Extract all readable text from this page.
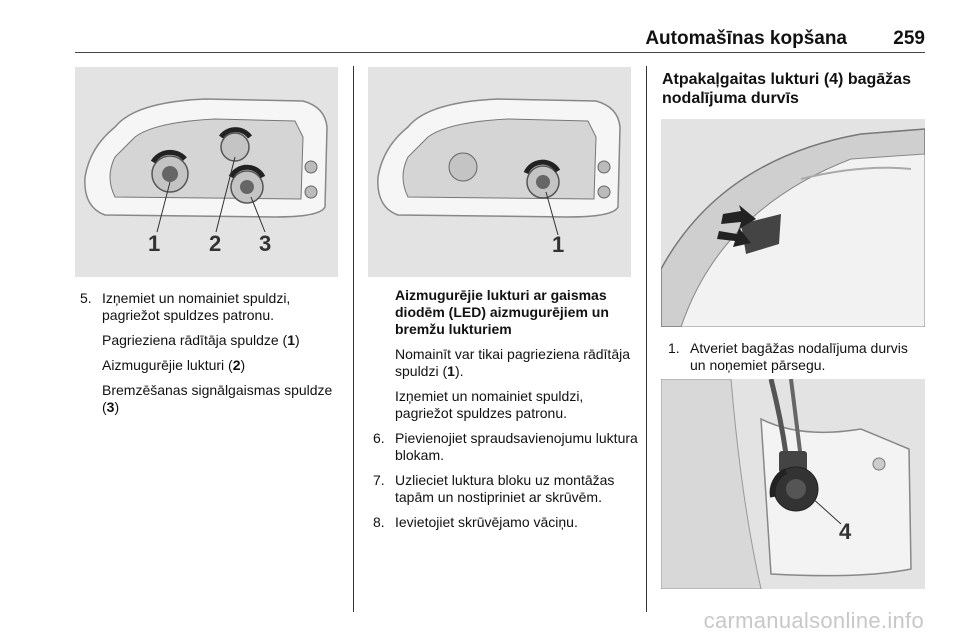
Automašīnas kopšana 259
1 2 3	1
4
5. Izņemiet un nomainiet spuldzi, pagriežot spuldzes patronu.
Pagrieziena rādītāja spuldze (1)
Aizmugurējie lukturi (2)
Bremzēšanas signālgaismas spuldze (3)
Aizmugurējie lukturi ar gaismas diodēm (LED) aizmugurējiem un bremžu lukturiem
Nomainīt var tikai pagrieziena rādītāja spuldzi (1).
Izņemiet un nomainiet spuldzi, pagriežot spuldzes patronu.
6. Pievienojiet spraudsavienojumu luktura blokam.
7. Uzlieciet luktura bloku uz montāžas tapām un nostipriniet ar skrūvēm.
8. Ievietojiet skrūvējamo vāciņu.
Atpakaļgaitas lukturi (4) bagāžas nodalījuma durvīs
1. Atveriet bagāžas nodalījuma durvis un noņemiet pārsegu.
carmanualsonline.info
